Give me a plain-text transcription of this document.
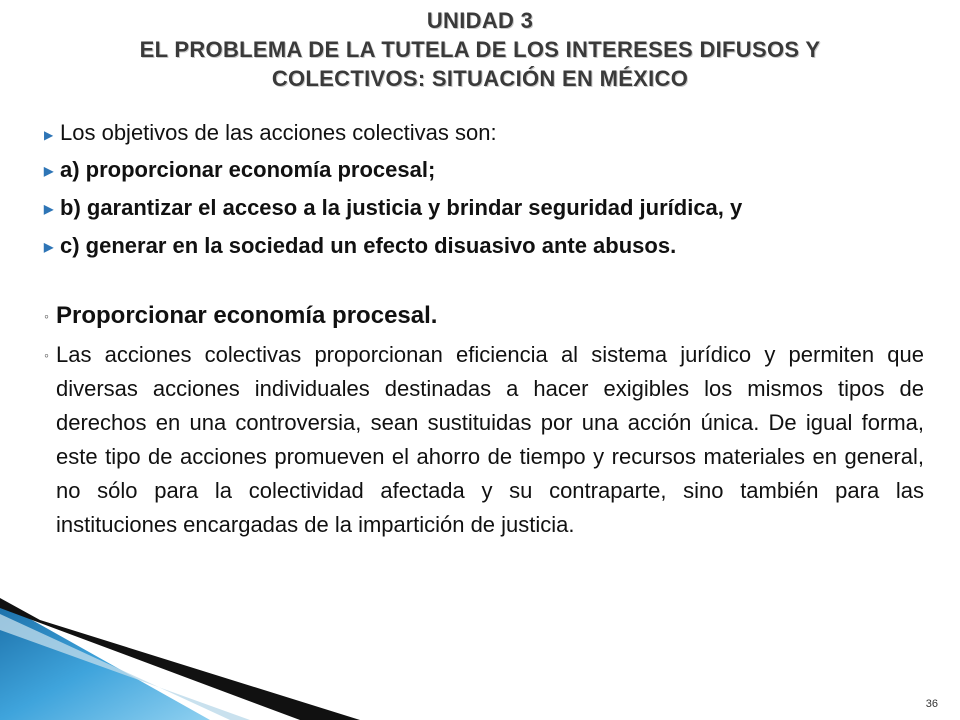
UNIDAD 3
EL PROBLEMA DE LA TUTELA DE LOS INTERESES DIFUSOS Y
COLECTIVOS: SITUACIÓN EN MÉXICO
▶ Los objetivos de las acciones colectivas son:
▶ a) proporcionar economía procesal;
▶ b) garantizar el acceso a la justicia y brindar seguridad jurídica, y
▶ c) generar en la sociedad un efecto disuasivo ante abusos.
◦ Proporcionar economía procesal.
◦ Las acciones colectivas proporcionan eficiencia al sistema jurídico y permiten que diversas acciones individuales destinadas a hacer exigibles los mismos tipos de derechos en una controversia, sean sustituidas por una acción única. De igual forma, este tipo de acciones promueven el ahorro de tiempo y recursos materiales en general, no sólo para la colectividad afectada y su contraparte, sino también para las instituciones encargadas de la impartición de justicia.
36
